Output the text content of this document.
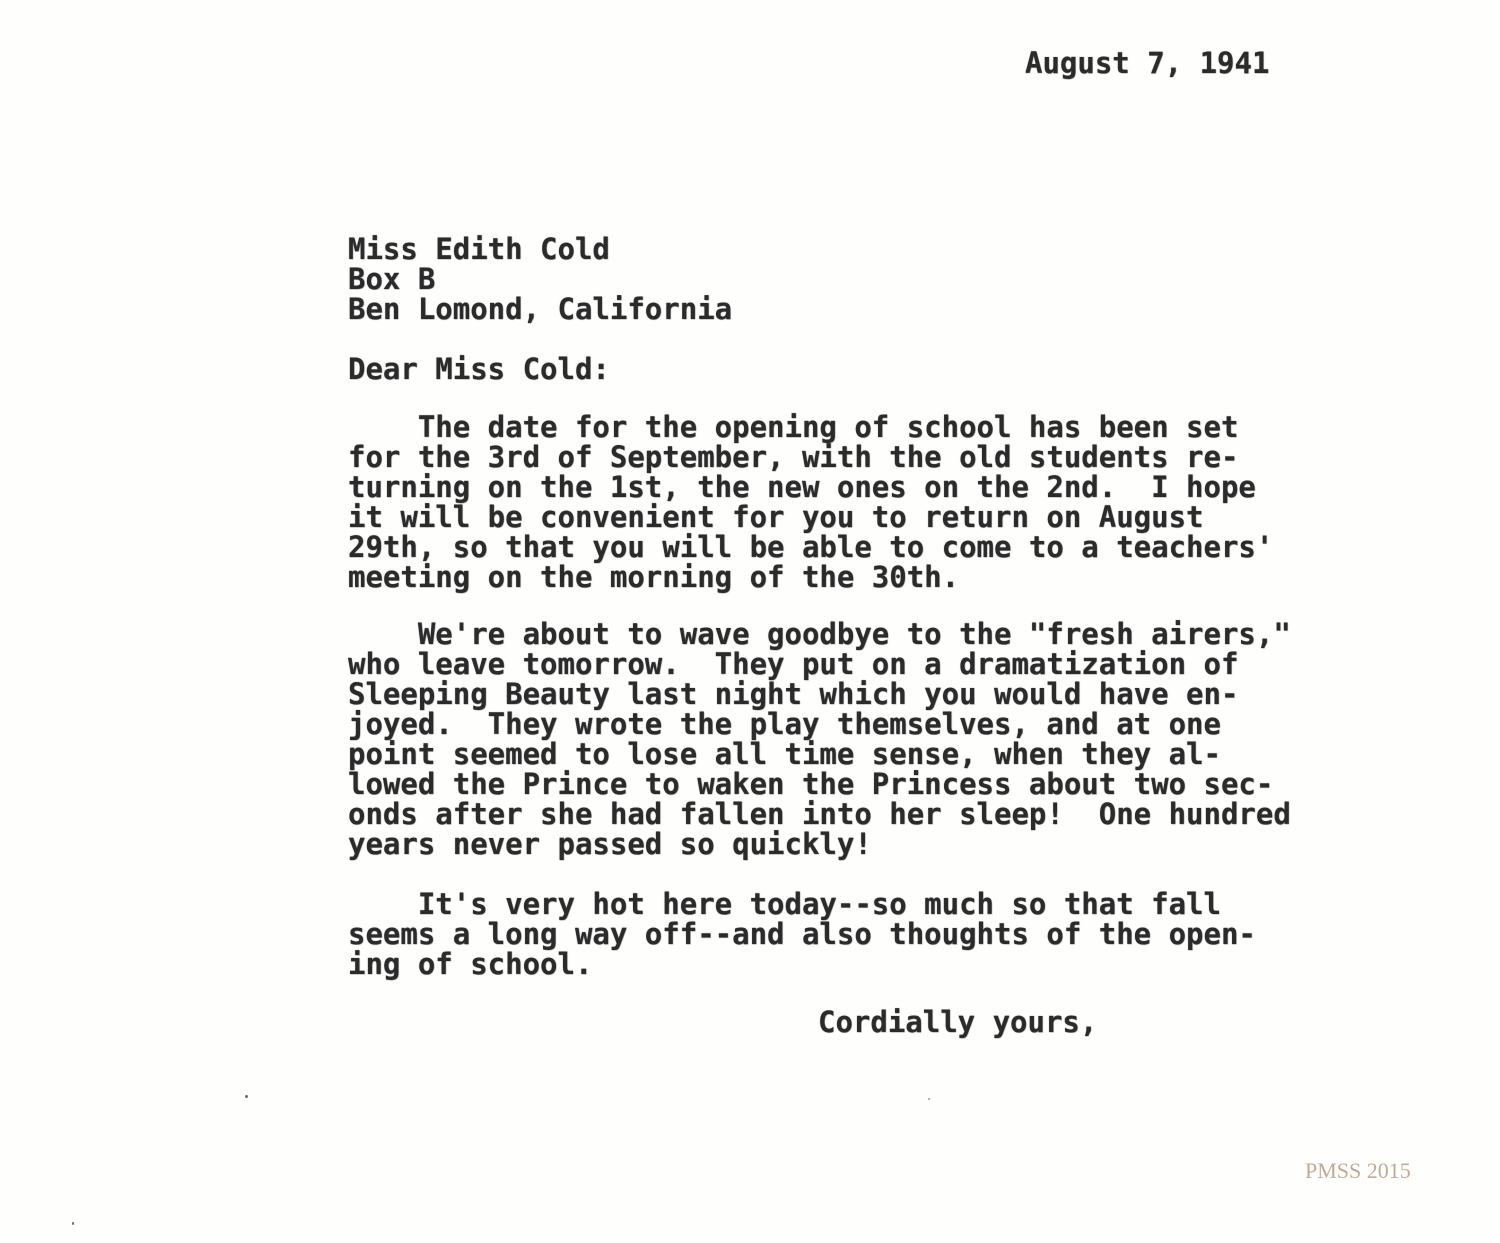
August 7, 1941
Miss Edith Cold
Box B
Ben Lomond, California
Dear Miss Cold:

The date for the opening of school has been set

for the 3rd of September, with the old students re-

turning on the 1st, the new ones on the 2nd.  I hope

it will be convenient for you to return on August

29th, so that you will be able to come to a teachers'

meeting on the morning of the 30th.

We're about to wave goodbye to the "fresh airers,"

who leave tomorrow.  They put on a dramatization of

Sleeping Beauty last night which you would have en-

joyed.  They wrote the play themselves, and at one

point seemed to lose all time sense, when they al-

lowed the Prince to waken the Princess about two sec-

onds after she had fallen into her sleep!  One hundred

years never passed so quickly!

It's very hot here today--so much so that fall

seems a long way off--and also thoughts of the open-

ing of school.

Cordially yours,
PMSS 2015
